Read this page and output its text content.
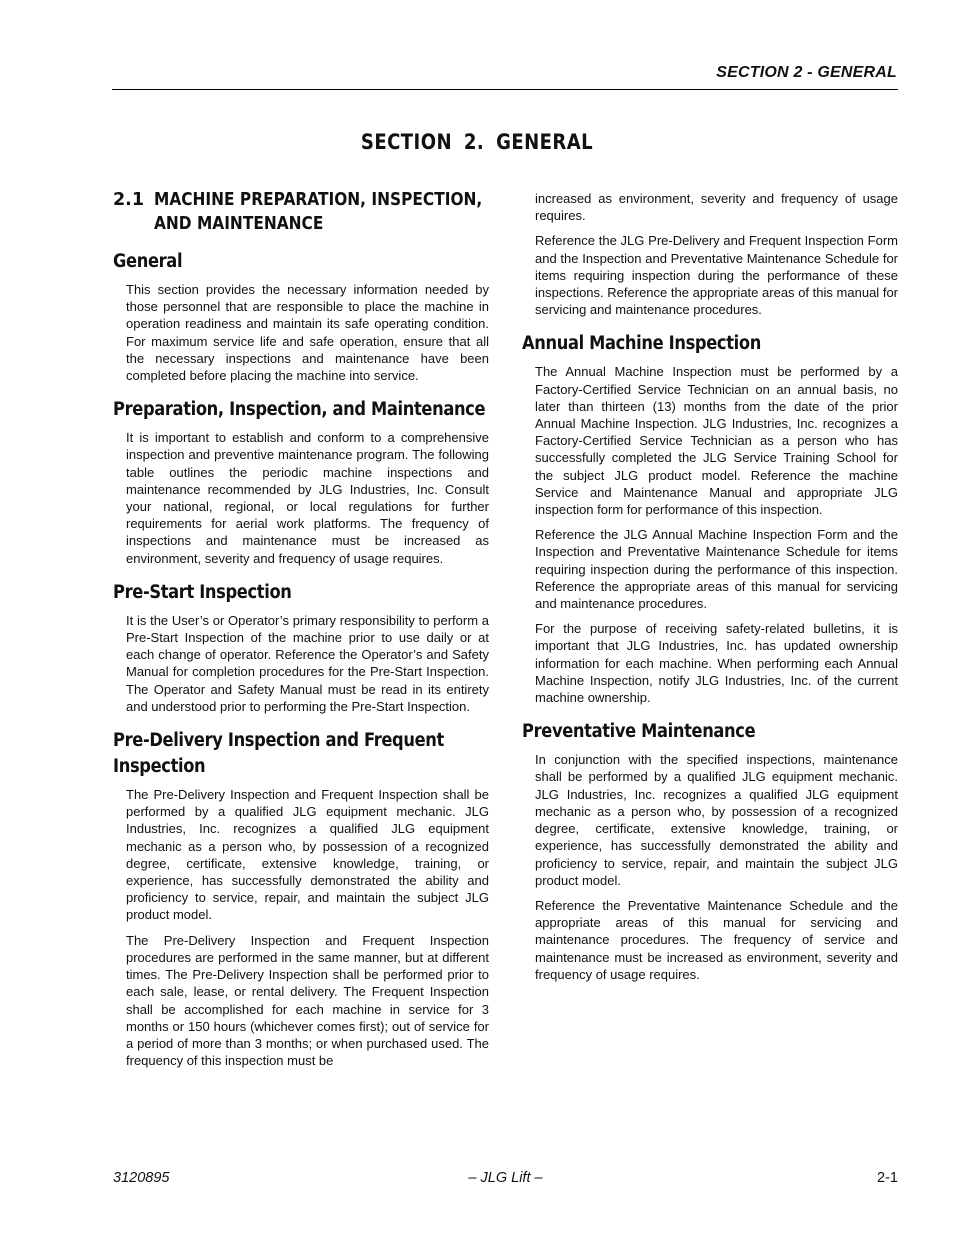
SECTION 2 - GENERAL
SECTION 2. GENERAL
2.1 MACHINE PREPARATION, INSPECTION,
AND MAINTENANCE
General

This section provides the necessary information needed by those personnel that are responsible to place the machine in operation readiness and maintain its safe operating condition. For maximum service life and safe operation, ensure that all the necessary inspections and maintenance have been completed before placing the machine into service.

Preparation, Inspection, and Maintenance

It is important to establish and conform to a comprehensive inspection and preventive maintenance program. The following table outlines the periodic machine inspections and maintenance recommended by JLG Industries, Inc. Consult your national, regional, or local regulations for further requirements for aerial work platforms. The frequency of inspections and maintenance must be increased as environment, severity and frequency of usage requires.

Pre-Start Inspection

It is the User’s or Operator’s primary responsibility to perform a Pre-Start Inspection of the machine prior to use daily or at each change of operator. Reference the Operator’s and Safety Manual for completion procedures for the Pre-Start Inspection. The Operator and Safety Manual must be read in its entirety and understood prior to performing the Pre-Start Inspection.

Pre-Delivery Inspection and Frequent
Inspection

The Pre-Delivery Inspection and Frequent Inspection shall be performed by a qualified JLG equipment mechanic. JLG Industries, Inc. recognizes a qualified JLG equipment mechanic as a person who, by possession of a recognized degree, certificate, extensive knowledge, training, or experience, has successfully demonstrated the ability and proficiency to service, repair, and maintain the subject JLG product model.

The Pre-Delivery Inspection and Frequent Inspection procedures are performed in the same manner, but at different times. The Pre-Delivery Inspection shall be performed prior to each sale, lease, or rental delivery. The Frequent Inspection shall be accomplished for each machine in service for 3 months or 150 hours (whichever comes first); out of service for a period of more than 3 months; or when purchased used. The frequency of this inspection must be

increased as environment, severity and frequency of usage requires.

Reference the JLG Pre-Delivery and Frequent Inspection Form and the Inspection and Preventative Maintenance Schedule for items requiring inspection during the performance of these inspections. Reference the appropriate areas of this manual for servicing and maintenance procedures.

Annual Machine Inspection

The Annual Machine Inspection must be performed by a Factory-Certified Service Technician on an annual basis, no later than thirteen (13) months from the date of the prior Annual Machine Inspection. JLG Industries, Inc. recognizes a Factory-Certified Service Technician as a person who has successfully completed the JLG Service Training School for the subject JLG product model. Reference the machine Service and Maintenance Manual and appropriate JLG inspection form for performance of this inspection.

Reference the JLG Annual Machine Inspection Form and the Inspection and Preventative Maintenance Schedule for items requiring inspection during the performance of this inspection. Reference the appropriate areas of this manual for servicing and maintenance procedures.

For the purpose of receiving safety-related bulletins, it is important that JLG Industries, Inc. has updated ownership information for each machine. When performing each Annual Machine Inspection, notify JLG Industries, Inc. of the current machine ownership.

Preventative Maintenance

In conjunction with the specified inspections, maintenance shall be performed by a qualified JLG equipment mechanic. JLG Industries, Inc. recognizes a qualified JLG equipment mechanic as a person who, by possession of a recognized degree, certificate, extensive knowledge, training, or experience, has successfully demonstrated the ability and proficiency to service, repair, and maintain the subject JLG product model.

Reference the Preventative Maintenance Schedule and the appropriate areas of this manual for servicing and maintenance procedures. The frequency of service and maintenance must be increased as environment, severity and frequency of usage requires.

3120895	– JLG Lift –	2-1
